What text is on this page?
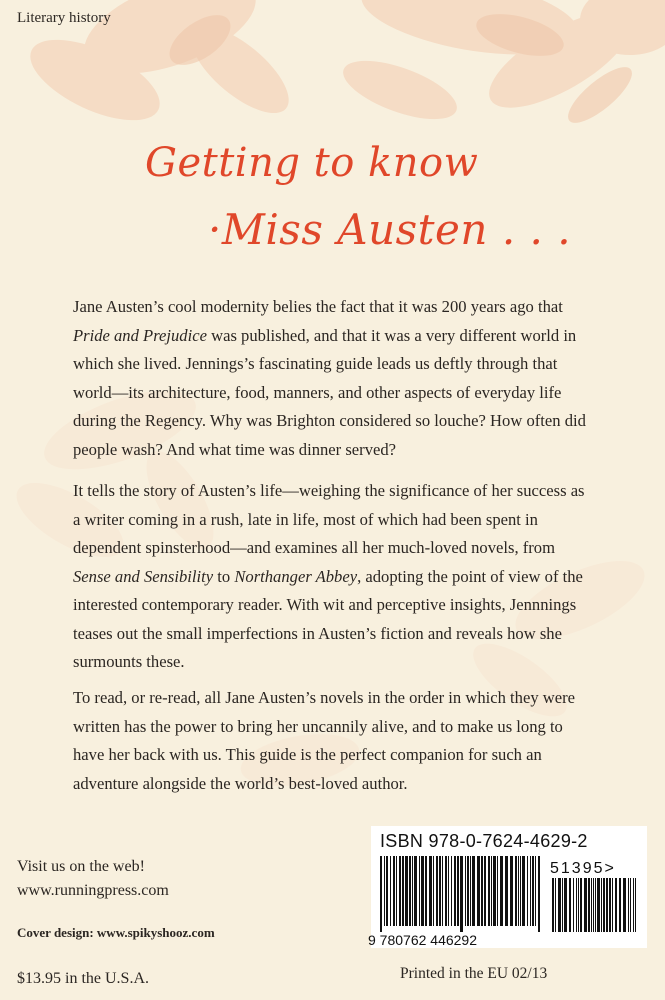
Literary history
Getting to know
·Miss Austen . . .

Jane Austen’s cool modernity belies the fact that it was 200 years ago that Pride and Prejudice was published, and that it was a very different world in which she lived. Jennings’s fascinating guide leads us deftly through that world—its architecture, food, manners, and other aspects of everyday life during the Regency. Why was Brighton considered so louche? How often did people wash? And what time was dinner served?

It tells the story of Austen’s life—weighing the significance of her success as a writer coming in a rush, late in life, most of which had been spent in dependent spinsterhood—and examines all her much-loved novels, from Sense and Sensibility to Northanger Abbey, adopting the point of view of the interested contemporary reader. With wit and perceptive insights, Jennnings teases out the small imperfections in Austen’s fiction and reveals how she surmounts these.

To read, or re-read, all Jane Austen’s novels in the order in which they were written has the power to bring her uncannily alive, and to make us long to have her back with us. This guide is the perfect companion for such an adventure alongside the world’s best-loved author.

Visit us on the web!
www.runningpress.com
Cover design: www.spikyshooz.com
$13.95 in the U.S.A.
ISBN 978-0-7624-4629-2
9 780762 446292
51395>
Printed in the EU 02/13
